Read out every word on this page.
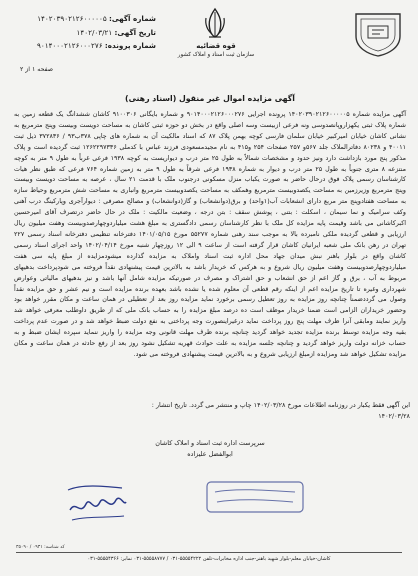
شماره آگهی: ۱۴۰۲۰۳۹۰۲۱۲۶۰۰۰۰۰۵
تاریخ آگهی: ۱۴۰۲/۰۳/۲۱
شماره پرونده: ۹۰۱۴۰۰۰۲۱۲۶۰۰۰۲۷۶
صفحه ۱ از ۲
قوه قضائیه
سازمان ثبت اسناد و املاک کشور
آگهی مزایده اموال غیر منقول (اسناد رهنی)
آگهی مزایده شماره ۱۴۰۲۰۳۹۰۲۱۲۶۰۰۰۰۰۵ پرونده اجرایی ۹۰۱۴۰۰۰۲۱۲۶۰۰۰۲۷۶ و شماره بایگانی ۹۱۰۰۳۰۶ کاشان ششدانگ یک قطعه زمین به شماره پلاک ثبتی یکهزاروپانصدوسی ونه فرعی ازبیست وسه اصلی واقع در بخش دو حوزه ثبتی کاشان به مساحت دویست وبیست وپنج مترمربع به نشانی کاشان خیابان امیرکبیر خیابان سلمان فارسی کوچه بهمن پلاک ۸۷ که اسناد مالکیت آن به شماره های چاپی ۳۷۸ب۹۳ / ۳۷۲۸۳۶ ذیل ثبت ۴۰۰۱۱ و ۸۰۲۳۸ دفاترالملاک جلد ۵۶۷و ۲۵۷ صفحات ۲۵۴ و۴۱۵ به نام مجیدمسعودی فرزند عباس با کدملی ۱۲۶۲۲۹۷۳۳۶ ثبت گردیده است و پلاک مذکور پنج مورد بازداشت دارد ونیز حدود و مشخصات شمالاً به طول ۲۵ متر درب و دیواریست به کوچه ۱۹۳۸ فرعی غرباً به طول ۹ متر به کوچه منتزعه ۸ متری جنوباً به طول ۲۵ متر درب و دیوار به شماره ۱۹۳۸ فرعی شرقاً به طول ۹ متر به زمین شماره ۷۶۴ فرعی که طبق نظر هیات کارشناسان رسمی پلاک فوق درحال حاضر به صورت یکباب منزل مسکونی درجنوب ملک با قدمت ۲۱ سال ، عرصه به مساحت دویست وبیست وپنج مترمربع وزیرزمین به مساحت یکصدوبیست مترمربع وهمکف به مساحت یکصدوبیست مترمربع وانباری به مساحت شش مترمربع وحیاط سازه به مساحت هفتادوپنج متر مربع دارای انشعابات آب(۱واحد) و برق(دوانشعاب) و گاز(دوانشعاب) و مصالح مصرفی : دیوارآجری وپارکینگ درب آهنی وکف سرامیک و نما سیمان ، اسکلت : بتنی ، پوشش سقف : بتن درجه ، وضعیت مالکیت : ملک در حال حاضر درتصرف آقای امیرحسین اکبرکاشانی می باشد وقیمت پایه مزایده کل ملک با نظر کارشناسان رسمی دادگستری به مبلغ هشت میلیاردوچهارصدوبیست وهفت میلیون ریال ارزیابی و قطعی گردیده ملکی نامبرده بالا به موجب سند رهنی شماره ۵۵۲۷۷ مورخ ۱۴۰۱/۰۵/۱۵ دفترخانه تنظیمی دفترخانه اسناد رسمی ۲۲۷ تهران در رهن بانک ملی شعبه ایرانیان کاشان قرار گرفته است از ساعت ۹ الی ۱۲ روزچهار شنبه مورخ ۱۴۰۲/۰۴/۱۴ واحد اجرای اسناد رسمی کاشان واقع در بلوار باهنر نبش میدان جهاد محل اداره ثبت اسناد واملاک به مزایده گذارده میشودمزایده از مبلغ پایه سی هفت میلیاردوچهارصدوبیست وهفت میلیون ریال شروع و به هرکس که خریدار باشد به بالاترین قیمت پیشنهادی نقداً فروخته می شودپرداخت بدهیهای مربوط به آب ، برق و گاز اعم از حق انشعاب و حق اشتراک و مصرف در صورتیکه مزایده شامل آنها باشد و نیز بدهیهای مالیاتی وعوارض شهرداری وغیره تا تاریخ مزایده اعم از اینکه رقم قطعی آن معلوم شده یا نشده باشد بعهده برنده مزایده است و نیم عشر و حق مزایده نقداً وصول می گرددضمناً چنانچه روز مزایده به روز تعطیل رسمی برخورد نماید مزایده روز بعد از تعطیلی در همان ساعت و مکان مقرر خواهد بود وحضور خریداران الزامی است ضمنا خریدار موظف است ده درصد مبلغ مزایده را به حساب بانک ملی که از طریق داوطلب معرفی خواهد شد واریز نمایند ومابقی آنرا ظرف مهلت پنج روز پرداخت نماید درغیراینصورت وجه پرداختی به نفع دولت ضبط خواهد شد و در صورت عدم پرداخت بقیه وجه مزایده توسط برنده مزایده تجدید خواهد گردید چنانچه برنده ظرف مهلت قانونی وجه مزایده را واریز ننماید سپرده ایشان ضبط و به حساب خزانه دولت واریز خواهد گردید و چنانچه جلسه مزایده به علت حوادث قهریه تشکیل نشود روز بعد از رفع حادثه در همان ساعت و مکان مزایده تشکیل خواهد شد ومزایده ازمبلغ ارزیابی شروع و به بالاترین قیمت پیشنهادی فروخته می شود.
این آگهی فقط یکبار در روزنامه اطلاعات مورخ ۱۴۰۲/۰۳/۲۸ چاپ و منتشر می گردد. تاریخ انتشار : ۱۴۰۲/۰۳/۲۸
سرپرست اداره ثبت اسناد و املاک کاشان
ابوالفضل علیزاده
کد شناسه: ۰۹۳۱ / ۳۵۰۹۰
کاشان-خیابان معلم-بلوار شهید باهنر-جنب اداره مخابرات-تلفن ۵۵۵۵۴۲۲۲-۰۳۱ / ۵۵۵۵۸۷۷۷-۰۳۱ نمابر: ۵۵۵۵۴۳۶۶-۰۳۱
